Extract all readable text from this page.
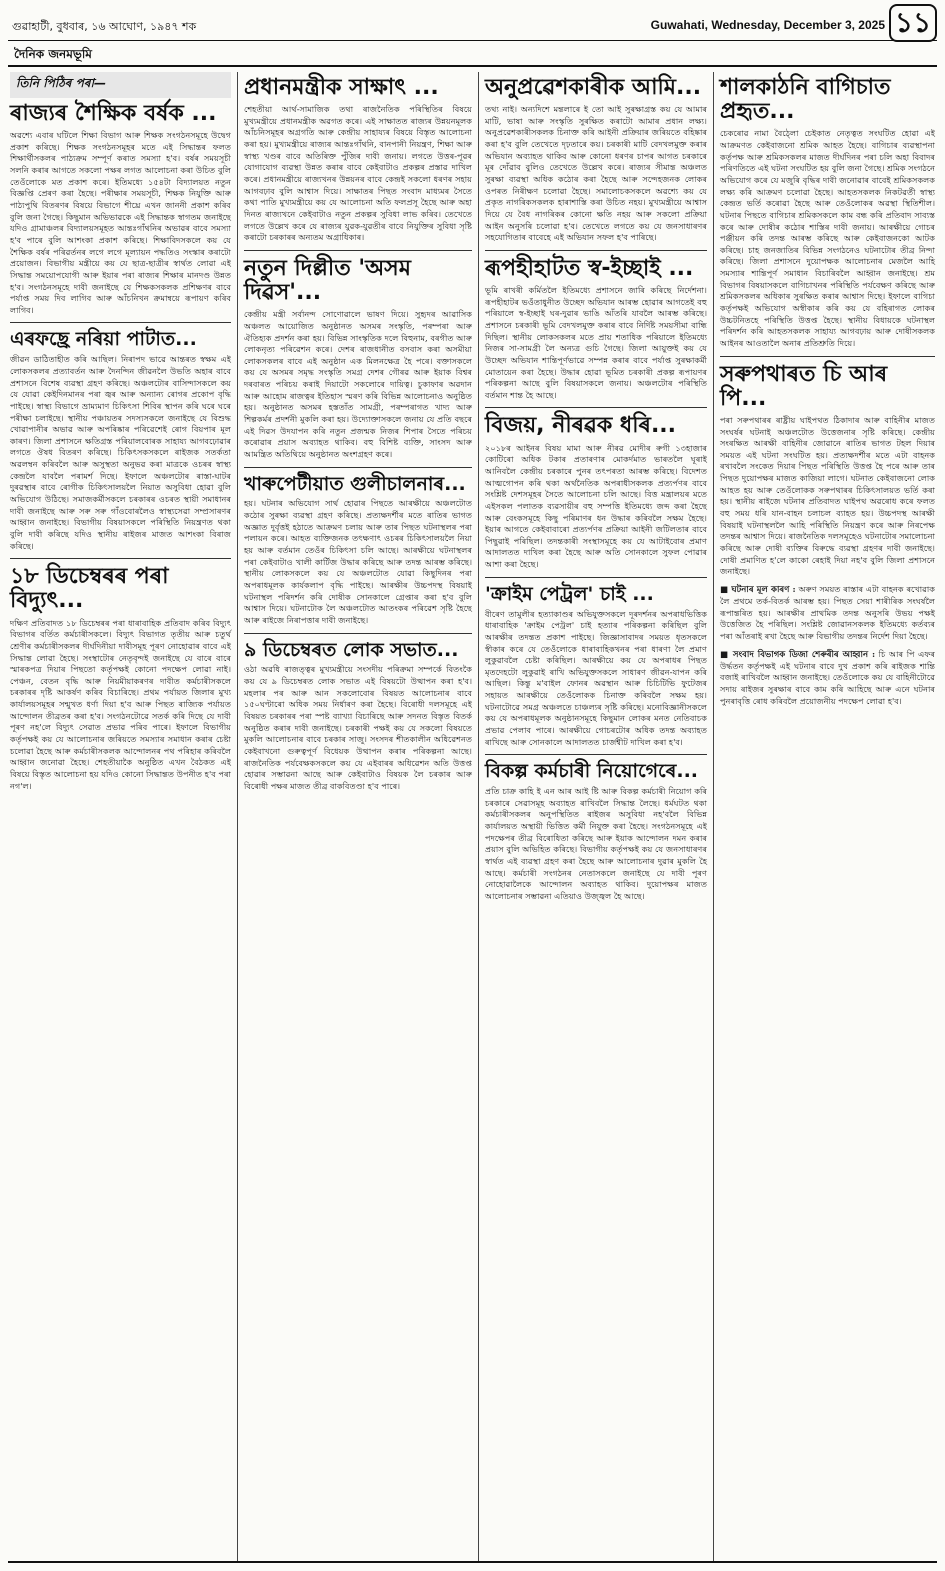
গুৱাহাটী, বুধবাৰ, ১৬ আঘোণ, ১৯৪৭ শক	Guwahati, Wednesday, December 3, 2025 ১১
দৈনিক জনমভূমি
তিনি পিঠিৰ পৰা—
ৰাজ্যৰ শৈক্ষিক বৰ্ষক ...
অৱশ্যে এবাৰ ঘটিলে শিক্ষা বিভাগ আৰু শিক্ষক সংগঠনসমূহে উদ্বেগ প্ৰকাশ কৰিছে। শিক্ষক সংগঠনসমূহৰ মতে এই সিদ্ধান্তৰ ফলত শিক্ষাৰ্থীসকলৰ পাঠ্যক্ৰম সম্পূৰ্ণ কৰাত সমস্যা হ'ব। বৰ্ষৰ সময়সূচী সলনি কৰাৰ আগতে সকলো পক্ষৰ লগত আলোচনা কৰা উচিত বুলি তেওঁলোকে মত প্ৰকাশ কৰে। ইতিমধ্যে ১৫৪টা বিদ্যালয়ত নতুন বিজ্ঞপ্তি প্ৰেৰণ কৰা হৈছে। পৰীক্ষাৰ সময়সূচী, শিক্ষক নিযুক্তি আৰু পাঠ্যপুথি বিতৰণৰ বিষয়ে বিভাগে শীঘ্ৰে এখন জাননী প্ৰকাশ কৰিব বুলি জনা গৈছে। কিছুমান অভিভাৱকে এই সিদ্ধান্তক স্বাগতম জনাইছে যদিও গ্ৰামাঞ্চলৰ বিদ্যালয়সমূহত আন্তঃগাঁথনিৰ অভাৱৰ বাবে সমস্যা হ'ব পাৰে বুলি আশংকা প্ৰকাশ কৰিছে। শিক্ষাবিদসকলে কয় যে শৈক্ষিক বৰ্ষৰ পৰিৱৰ্তনৰ লগে লগে মূল্যায়ন পদ্ধতিও সংস্কাৰ কৰাটো প্ৰয়োজন। বিভাগীয় মন্ত্ৰীয়ে কয় যে ছাত্ৰ-ছাত্ৰীৰ স্বাৰ্থত লোৱা এই সিদ্ধান্ত সময়োপযোগী আৰু ইয়াৰ পৰা ৰাজ্যৰ শিক্ষাৰ মানদণ্ড উন্নত হ'ব। সংগঠনসমূহে দাবী জনাইছে যে শিক্ষকসকলক প্ৰশিক্ষণৰ বাবে পৰ্যাপ্ত সময় দিব লাগিব আৰু আঁচনিখন ক্ৰমান্বয়ে ৰূপায়ণ কৰিব লাগিব।
এৰফছ্ৰে নৰিয়া পাটাত...
জীৱন ডাঠিতাহীত কৰি আছিল। নিৰাপদ ভাৱে আন্তৰত স্বক্ষম এই লোকসকলৰ প্ৰত্যাবৰ্তন আৰু দৈনন্দিন জীৱনলৈ উভতি অহাৰ বাবে প্ৰশাসনে বিশেষ ব্যৱস্থা গ্ৰহণ কৰিছে। অঞ্চলটোৰ বাসিন্দাসকলে কয় যে যোৱা কেইদিনমানৰ পৰা জ্বৰ আৰু অন্যান্য ৰোগৰ প্ৰকোপ বৃদ্ধি পাইছে। স্বাস্থ্য বিভাগে ভ্ৰাম্যমাণ চিকিৎসা শিবিৰ স্থাপন কৰি ঘৰে ঘৰে পৰীক্ষা চলাইছে। স্থানীয় পঞ্চায়তৰ সদস্যসকলে জনাইছে যে বিশুদ্ধ খোৱাপানীৰ অভাৱ আৰু অপৰিষ্কাৰ পৰিৱেশেই ৰোগ বিয়পাৰ মূল কাৰণ। জিলা প্ৰশাসনে ক্ষতিগ্ৰস্ত পৰিয়ালবোৰক সাহায্য আগবঢ়োৱাৰ লগতে ঔষধ বিতৰণ কৰিছে। চিকিৎসকসকলে ৰাইজক সতৰ্কতা অৱলম্বন কৰিবলৈ আৰু অসুস্থতা অনুভৱ কৰা মাত্ৰকে ওচৰৰ স্বাস্থ্য কেন্দ্ৰলৈ যাবলৈ পৰামৰ্শ দিছে। ইফালে অঞ্চলটোৰ ৰাস্তা-ঘাটৰ দুৰৱস্থাৰ বাবে ৰোগীক চিকিৎসালয়লৈ নিয়াত অসুবিধা হোৱা বুলি অভিযোগ উঠিছে। সমাজকৰ্মীসকলে চৰকাৰৰ ওচৰত স্থায়ী সমাধানৰ দাবী জনাইছে আৰু সৰু সৰু গাঁওবোৰলৈও স্বাস্থ্যসেৱা সম্প্ৰসাৰণৰ আহ্বান জনাইছে। বিভাগীয় বিষয়াসকলে পৰিস্থিতি নিয়ন্ত্ৰণত থকা বুলি দাবী কৰিছে যদিও স্থানীয় ৰাইজৰ মাজত আশংকা বিৰাজ কৰিছে।
১৮ ডিচেম্বৰৰ পৰা বিদ্যুৎ...
দক্ষিণ প্ৰতিবাদত ১৮ ডিচেম্বৰৰ পৰা ধাৰাবাহিক প্ৰতিবাদ কৰিব বিদ্যুৎ বিভাগৰ বৰ্তিত কৰ্মচাৰীসকলে। বিদ্যুৎ বিভাগত তৃতীয় আৰু চতুৰ্থ শ্ৰেণীৰ কৰ্মচাৰীসকলৰ দীৰ্ঘদিনীয়া দাবীসমূহ পূৰণ নোহোৱাৰ বাবে এই সিদ্ধান্ত লোৱা হৈছে। সংস্থাটোৰ নেতৃবৃন্দই জনাইছে যে বাৰে বাৰে স্মাৰকপত্ৰ দিয়াৰ পিছতো কৰ্তৃপক্ষই কোনো পদক্ষেপ লোৱা নাই। পেঞ্চন, বেতন বৃদ্ধি আৰু নিয়মীয়াকৰণৰ দাবীত কৰ্মচাৰীসকলে চৰকাৰৰ দৃষ্টি আকৰ্ষণ কৰিব বিচাৰিছে। প্ৰথম পৰ্যায়ত জিলাৰ মুখ্য কাৰ্যালয়সমূহৰ সন্মুখত ধৰ্ণা দিয়া হ'ব আৰু পিছত ৰাজ্যিক পৰ্যায়ত আন্দোলন তীব্ৰতৰ কৰা হ'ব। সংগঠনটোৱে সতৰ্ক কৰি দিছে যে দাবী পূৰণ নহ'লে বিদ্যুৎ সেৱাত প্ৰভাৱ পৰিব পাৰে। ইফালে বিভাগীয় কৰ্তৃপক্ষই কয় যে আলোচনাৰ জৰিয়তে সমস্যাৰ সমাধান কৰাৰ চেষ্টা চলোৱা হৈছে আৰু কৰ্মচাৰীসকলক আন্দোলনৰ পথ পৰিহাৰ কৰিবলৈ আহ্বান জনোৱা হৈছে। শেহতীয়াকৈ অনুষ্ঠিত এখন বৈঠকত এই বিষয়ে বিস্তৃত আলোচনা হয় যদিও কোনো সিদ্ধান্তত উপনীত হ'ব পৰা নগ'ল।
প্ৰধানমন্ত্ৰীক সাক্ষাৎ ...
শেহতীয়া আৰ্থ-সামাজিক তথা ৰাজনৈতিক পৰিস্থিতিৰ বিষয়ে মুখ্যমন্ত্ৰীয়ে প্ৰধানমন্ত্ৰীক অৱগত কৰে। এই সাক্ষাতত ৰাজ্যৰ উন্নয়নমূলক আঁচনিসমূহৰ অগ্ৰগতি আৰু কেন্দ্ৰীয় সাহায্যৰ বিষয়ে বিস্তৃত আলোচনা কৰা হয়। মুখ্যমন্ত্ৰীয়ে ৰাজ্যৰ আন্তঃগাঁথনি, বানপানী নিয়ন্ত্ৰণ, শিক্ষা আৰু স্বাস্থ্য খণ্ডৰ বাবে অতিৰিক্ত পুঁজিৰ দাবী জনায়। লগতে উত্তৰ-পূৱৰ যোগাযোগ ব্যৱস্থা উন্নত কৰাৰ বাবে কেইবাটাও প্ৰকল্পৰ প্ৰস্তাৱ দাখিল কৰে। প্ৰধানমন্ত্ৰীয়ে ৰাজ্যখনৰ উন্নয়নৰ বাবে কেন্দ্ৰই সকলো ধৰণৰ সহায় আগবঢ়াব বুলি আশ্বাস দিয়ে। সাক্ষাতৰ পিছত সংবাদ মাধ্যমৰ সৈতে কথা পাতি মুখ্যমন্ত্ৰীয়ে কয় যে আলোচনা অতি ফলপ্ৰসূ হৈছে আৰু অহা দিনত ৰাজ্যখনে কেইবাটাও নতুন প্ৰকল্পৰ সুবিধা লাভ কৰিব। তেখেতে লগতে উল্লেখ কৰে যে ৰাজ্যৰ যুৱক-যুৱতীৰ বাবে নিযুক্তিৰ সুবিধা সৃষ্টি কৰাটো চৰকাৰৰ অন্যতম অগ্ৰাধিকাৰ।
নতুন দিল্লীত 'অসম দিৱস'...
কেন্দ্ৰীয় মন্ত্ৰী সৰ্বানন্দ সোণোৱালে ভাষণ দিয়ে। সুহৃদৰ আৱাসিক অঞ্চলত আয়োজিত অনুষ্ঠানত অসমৰ সংস্কৃতি, পৰম্পৰা আৰু ঐতিহ্যক প্ৰদৰ্শন কৰা হয়। বিভিন্ন সাংস্কৃতিক দলে বিহুনাম, বৰগীত আৰু লোকনৃত্য পৰিৱেশন কৰে। দেশৰ ৰাজধানীত বসবাস কৰা অসমীয়া লোকসকলৰ বাবে এই অনুষ্ঠান এক মিলনক্ষেত্ৰ হৈ পৰে। বক্তাসকলে কয় যে অসমৰ সমৃদ্ধ সংস্কৃতি সমগ্ৰ দেশৰ গৌৰৱ আৰু ইয়াক বিশ্বৰ দৰবাৰত পৰিচয় কৰাই দিয়াটো সকলোৰে দায়িত্ব। চুকাফাৰ অৱদান আৰু আহোম ৰাজত্বৰ ইতিহাস স্মৰণ কৰি বিভিন্ন আলোচনাও অনুষ্ঠিত হয়। অনুষ্ঠানত অসমৰ হস্ততাঁত সামগ্ৰী, পৰম্পৰাগত খাদ্য আৰু শিল্পকৰ্মৰ প্ৰদৰ্শনী মুকলি কৰা হয়। উদ্যোক্তাসকলে জনায় যে প্ৰতি বছৰে এই দিৱস উদযাপন কৰি নতুন প্ৰজন্মক নিজৰ শিপাৰ সৈতে পৰিচয় কৰোৱাৰ প্ৰয়াস অব্যাহত থাকিব। বহু বিশিষ্ট ব্যক্তি, সাংসদ আৰু আমন্ত্ৰিত অতিথিয়ে অনুষ্ঠানত অংশগ্ৰহণ কৰে।
খাৰুপেটীয়াত গুলীচালনাৰ...
হয়। ঘটনাৰ অভিযোগ সাৰ্থ হোৱাৰ পিছতে আৰক্ষীয়ে অঞ্চলটোত কঠোৰ সুৰক্ষা ব্যৱস্থা গ্ৰহণ কৰিছে। প্ৰত্যক্ষদৰ্শীৰ মতে ৰাতিৰ ভাগত অজ্ঞাত দুৰ্বৃত্তই হঠাতে আক্ৰমণ চলায় আৰু তাৰ পিছত ঘটনাস্থলৰ পৰা পলায়ন কৰে। আহত ব্যক্তিজনক তৎক্ষণাৎ ওচৰৰ চিকিৎসালয়লৈ নিয়া হয় আৰু বৰ্তমান তেওঁৰ চিকিৎসা চলি আছে। আৰক্ষীয়ে ঘটনাস্থলৰ পৰা কেইবাটাও খালী কাৰ্টিজ উদ্ধাৰ কৰিছে আৰু তদন্ত আৰম্ভ কৰিছে। স্থানীয় লোকসকলে কয় যে অঞ্চলটোত যোৱা কিছুদিনৰ পৰা অপৰাধমূলক কাৰ্যকলাপ বৃদ্ধি পাইছে। আৰক্ষীৰ উচ্চপদস্থ বিষয়াই ঘটনাস্থল পৰিদৰ্শন কৰি দোষীক সোনকালে গ্ৰেপ্তাৰ কৰা হ'ব বুলি আশ্বাস দিয়ে। ঘটনাটোক লৈ অঞ্চলটোত আতংকৰ পৰিৱেশ সৃষ্টি হৈছে আৰু ৰাইজে নিৰাপত্তাৰ দাবী জনাইছে।
৯ ডিচেম্বৰত লোক সভাত...
ওঠা অৱধি ৰাজত্ত্বৰ মুখ্যমন্ত্ৰীয়ে সংসদীয় পৰিক্ৰমা সম্পৰ্কে বিতংকৈ কয় যে ৯ ডিচেম্বৰত লোক সভাত এই বিষয়টো উত্থাপন কৰা হ'ব। মহলাৰ পৰ আৰু আন সকলোবোৰ বিষয়ত আলোচনাৰ বাবে ১৫০ঘণ্টাৰো অধিক সময় নিৰ্ধাৰণ কৰা হৈছে। বিৰোধী দলসমূহে এই বিষয়ত চৰকাৰৰ পৰা স্পষ্ট ব্যাখ্যা বিচাৰিছে আৰু সদনত বিস্তৃত বিতৰ্ক অনুষ্ঠিত কৰাৰ দাবী জনাইছে। চৰকাৰী পক্ষই কয় যে সকলো বিষয়তে মুকলি আলোচনাৰ বাবে চৰকাৰ সাজু। সংসদৰ শীতকালীন অধিৱেশনত কেইবাখনো গুৰুত্বপূৰ্ণ বিধেয়ক উত্থাপন কৰাৰ পৰিকল্পনা আছে। ৰাজনৈতিক পৰ্যবেক্ষকসকলে কয় যে এইবাৰৰ অধিৱেশন অতি উত্তপ্ত হোৱাৰ সম্ভাৱনা আছে আৰু কেইবাটাও বিষয়ক লৈ চৰকাৰ আৰু বিৰোধী পক্ষৰ মাজত তীব্ৰ বাকবিতণ্ডা হ'ব পাৰে।
অনুপ্ৰৱেশকাৰীক আমি...
তথ্য নাই। অন্যদিশে মন্তলাৰে ই তো আই সুৰক্ষাগ্ৰস্ত কয় যে আমাৰ মাটি, ভাষা আৰু সংস্কৃতি সুৰক্ষিত কৰাটো আমাৰ প্ৰধান লক্ষ্য। অনুপ্ৰৱেশকাৰীসকলক চিনাক্ত কৰি আইনী প্ৰক্ৰিয়াৰ জৰিয়তে বহিষ্কাৰ কৰা হ'ব বুলি তেখেতে দৃঢ়তাৰে কয়। চৰকাৰী মাটি বেদখলমুক্ত কৰাৰ অভিযান অব্যাহত থাকিব আৰু কোনো ধৰণৰ চাপৰ আগত চৰকাৰে মূৰ দোঁৱাব বুলিও তেখেতে উল্লেখ কৰে। ৰাজ্যৰ সীমান্ত অঞ্চলত সুৰক্ষা ব্যৱস্থা অধিক কঠোৰ কৰা হৈছে আৰু সন্দেহজনক লোকৰ ওপৰত নিৰীক্ষণ চলোৱা হৈছে। সমালোচকসকলে অৱশ্যে কয় যে প্ৰকৃত নাগৰিকসকলক হাৰাশাস্তি কৰা উচিত নহয়। মুখ্যমন্ত্ৰীয়ে আশ্বাস দিয়ে যে বৈধ নাগৰিকৰ কোনো ক্ষতি নহয় আৰু সকলো প্ৰক্ৰিয়া আইন অনুসৰি চলোৱা হ'ব। তেখেতে লগতে কয় যে জনসাধাৰণৰ সহযোগিতাৰ বাবেহে এই অভিযান সফল হ'ব পাৰিছে।
ৰূপহীহাটত স্ব-ইচ্ছাই ...
ভূমি ৰাখৰী কৰ্মিতলৈ ইতিমধ্যে প্ৰশাসনে জাৰি কৰিছে নিৰ্দেশনা। ৰূপহীহাটৰ ভওঁতাধুনীত উচ্ছেদ অভিযান আৰম্ভ হোৱাৰ আগতেই বহু পৰিয়ালে স্ব-ইচ্ছাই ঘৰ-দুৱাৰ ভাঙি আঁতৰি যাবলৈ আৰম্ভ কৰিছে। প্ৰশাসনে চৰকাৰী ভূমি বেদখলমুক্ত কৰাৰ বাবে নিৰ্দিষ্ট সময়সীমা বান্ধি দিছিল। স্থানীয় লোকসকলৰ মতে প্ৰায় শতাধিক পৰিয়ালে ইতিমধ্যে নিজৰ সা-সামগ্ৰী লৈ অন্যত্ৰ গুচি গৈছে। জিলা আয়ুক্তই কয় যে উচ্ছেদ অভিযান শান্তিপূৰ্ণভাৱে সম্পন্ন কৰাৰ বাবে পৰ্যাপ্ত সুৰক্ষাকৰ্মী মোতায়েন কৰা হৈছে। উদ্ধাৰ হোৱা ভূমিত চৰকাৰী প্ৰকল্প ৰূপায়ণৰ পৰিকল্পনা আছে বুলি বিষয়াসকলে জনায়। অঞ্চলটোৰ পৰিস্থিতি বৰ্তমান শান্ত হৈ আছে।
বিজয়, নীৰৱক ধৰি...
২০১৮ৰ আইনৰ বিষয় মামা আৰু নীৰৱ মোদীৰ ৰুগী ১৩হাজাৰ কোটিৰো অধিক টকাৰ প্ৰতাৰণাৰ মোকৰ্দমাত ভাৰতলৈ ঘূৰাই আনিবলৈ কেন্দ্ৰীয় চৰকাৰে পুনৰ তৎপৰতা আৰম্ভ কৰিছে। বিদেশত আত্মগোপন কৰি থকা অৰ্থনৈতিক অপৰাধীসকলক প্ৰত্যৰ্পণৰ বাবে সংশ্লিষ্ট দেশসমূহৰ সৈতে আলোচনা চলি আছে। বিত্ত মন্ত্ৰালয়ৰ মতে এইসকল পলাতক ব্যৱসায়ীৰ বহু সম্পত্তি ইতিমধ্যে জব্দ কৰা হৈছে আৰু বেংকসমূহে কিছু পৰিমাণৰ ধন উদ্ধাৰ কৰিবলৈ সক্ষম হৈছে। ইয়াৰ আগতে কেইবাবাৰো প্ৰত্যৰ্পণৰ প্ৰক্ৰিয়া আইনী জটিলতাৰ বাবে পিছুৱাই পৰিছিল। তদন্তকাৰী সংস্থাসমূহে কয় যে আটাইবোৰ প্ৰমাণ আদালতত দাখিল কৰা হৈছে আৰু অতি সোনকালে সুফল পোৱাৰ আশা কৰা হৈছে।
'ক্ৰাইম পেট্ৰল' চাই ...
বীৰেণ তামুলীৰ হত্যাকাণ্ডৰ অভিযুক্তসকলে দূৰদৰ্শনৰ অপৰাধভিত্তিক ধাৰাবাহিক 'ক্ৰাইম পেট্ৰল' চাই হত্যাৰ পৰিকল্পনা কৰিছিল বুলি আৰক্ষীৰ তদন্তত প্ৰকাশ পাইছে। জিজ্ঞাসাবাদৰ সময়ত ধৃতসকলে স্বীকাৰ কৰে যে তেওঁলোকে ধাৰাবাহিকখনৰ পৰা ধাৰণা লৈ প্ৰমাণ লুকুৱাবলৈ চেষ্টা কৰিছিল। আৰক্ষীয়ে কয় যে অপৰাধৰ পিছত মৃতদেহটো লুকুৱাই ৰাখি অভিযুক্তসকলে সাধাৰণ জীৱন-যাপন কৰি আছিল। কিন্তু ম'বাইল ফোনৰ অৱস্থান আৰু চিচিটিভি ফুটেজৰ সহায়ত আৰক্ষীয়ে তেওঁলোকক চিনাক্ত কৰিবলৈ সক্ষম হয়। ঘটনাটোৱে সমগ্ৰ অঞ্চলতে চাঞ্চল্যৰ সৃষ্টি কৰিছে। মনোবিজ্ঞানীসকলে কয় যে অপৰাধমূলক অনুষ্ঠানসমূহে কিছুমান লোকৰ মনত নেতিবাচক প্ৰভাৱ পেলাব পাৰে। আৰক্ষীয়ে গোচৰটোৰ অধিক তদন্ত অব্যাহত ৰাখিছে আৰু সোনকালে আদালতত চাৰ্জশ্বীট দাখিল কৰা হ'ব।
বিকল্প কৰ্মচাৰী নিয়োগেৰে...
প্ৰতি চাক্ৰ কাহি ই এন আৰ আই ষ্টি আৰু বিকল্প কৰ্মচাৰী নিয়োগ কৰি চৰকাৰে সেৱাসমূহ অব্যাহত ৰাখিবলৈ সিদ্ধান্ত লৈছে। ধৰ্মঘটত থকা কৰ্মচাৰীসকলৰ অনুপস্থিতিত ৰাইজৰ অসুবিধা নহ'বলৈ বিভিন্ন কাৰ্যালয়ত অস্থায়ী ভিত্তিত কৰ্মী নিযুক্ত কৰা হৈছে। সংগঠনসমূহে এই পদক্ষেপৰ তীব্ৰ বিৰোধিতা কৰিছে আৰু ইয়াক আন্দোলন দমন কৰাৰ প্ৰয়াস বুলি অভিহিত কৰিছে। বিভাগীয় কৰ্তৃপক্ষই কয় যে জনসাধাৰণৰ স্বাৰ্থত এই ব্যৱস্থা গ্ৰহণ কৰা হৈছে আৰু আলোচনাৰ দুৱাৰ মুকলি হৈ আছে। কৰ্মচাৰী সংগঠনৰ নেতাসকলে জনাইছে যে দাবী পূৰণ নোহোৱালৈকে আন্দোলন অব্যাহত থাকিব। দুয়োপক্ষৰ মাজত আলোচনাৰ সম্ভাৱনা এতিয়াও উজ্জ্বল হৈ আছে।
শালকাঠনি বাগিচাত প্ৰহৃত...
চেকৰোৱ নামা বৈঠ্লো চেইকাত নেতৃত্বত সংঘটিত হোৱা এই আক্ৰমণত কেইবাজনো শ্ৰমিক আহত হৈছে। বাগিচাৰ ব্যৱস্থাপনা কৰ্তৃপক্ষ আৰু শ্ৰমিকসকলৰ মাজত দীৰ্ঘদিনৰ পৰা চলি অহা বিবাদৰ পৰিণতিতে এই ঘটনা সংঘটিত হয় বুলি জনা গৈছে। শ্ৰমিক সংগঠনে অভিযোগ কৰে যে মজুৰি বৃদ্ধিৰ দাবী জনোৱাৰ বাবেই শ্ৰমিকসকলক লক্ষ্য কৰি আক্ৰমণ চলোৱা হৈছে। আহতসকলক নিকটৱৰ্তী স্বাস্থ্য কেন্দ্ৰত ভৰ্তি কৰোৱা হৈছে আৰু তেওঁলোকৰ অৱস্থা স্থিতিশীল। ঘটনাৰ পিছতে বাগিচাৰ শ্ৰমিকসকলে কাম বন্ধ কৰি প্ৰতিবাদ সাব্যস্ত কৰে আৰু দোষীৰ কঠোৰ শাস্তিৰ দাবী জনায়। আৰক্ষীয়ে গোচৰ পঞ্জীয়ন কৰি তদন্ত আৰম্ভ কৰিছে আৰু কেইবাজনকো আটক কৰিছে। চাহ জনজাতিৰ বিভিন্ন সংগঠনেও ঘটনাটোৰ তীব্ৰ নিন্দা কৰিছে। জিলা প্ৰশাসনে দুয়োপক্ষক আলোচনাৰ মেজলৈ আহি সমস্যাৰ শান্তিপূৰ্ণ সমাধান বিচাৰিবলৈ আহ্বান জনাইছে। শ্ৰম বিভাগৰ বিষয়াসকলে বাগিচাখনৰ পৰিস্থিতি পৰ্যবেক্ষণ কৰিছে আৰু শ্ৰমিকসকলৰ অধিকাৰ সুৰক্ষিত কৰাৰ আশ্বাস দিছে। ইফালে বাগিচা কৰ্তৃপক্ষই অভিযোগ অস্বীকাৰ কৰি কয় যে বহিৰাগত লোকৰ উচ্চটনিতহে পৰিস্থিতি উত্তপ্ত হৈছে। স্থানীয় বিধায়কে ঘটনাস্থল পৰিদৰ্শন কৰি আহতসকলক সাহায্য আগবঢ়ায় আৰু দোষীসকলক আইনৰ আওতালৈ অনাৰ প্ৰতিশ্ৰুতি দিয়ে।
সৰুপথাৰত চি আৰ পি...
পৰা সৰুপথাৰৰ ৰাষ্ট্ৰীয় ঘাইপথত ঠিকাদাৰ আৰু বাহিনীৰ মাজত সংঘৰ্ষৰ ঘটনাই অঞ্চলটোত উত্তেজনাৰ সৃষ্টি কৰিছে। কেন্দ্ৰীয় সংৰক্ষিত আৰক্ষী বাহিনীৰ জোৱানে ৰাতিৰ ভাগত টহল দিয়াৰ সময়ত এই ঘটনা সংঘটিত হয়। প্ৰত্যক্ষদৰ্শীৰ মতে এটা বাহনক ৰখাবলৈ সংকেত দিয়াৰ পিছত পৰিস্থিতি উত্তপ্ত হৈ পৰে আৰু তাৰ পিছত দুয়োপক্ষৰ মাজত কাজিয়া লাগে। ঘটনাত কেইবাজনো লোক আহত হয় আৰু তেওঁলোকক সৰুপথাৰৰ চিকিৎসালয়ত ভৰ্তি কৰা হয়। স্থানীয় ৰাইজে ঘটনাৰ প্ৰতিবাদত ঘাইপথ অৱৰোধ কৰে ফলত বহু সময় ধৰি যান-বাহন চলাচল ব্যাহত হয়। উচ্চপদস্থ আৰক্ষী বিষয়াই ঘটনাস্থললৈ আহি পৰিস্থিতি নিয়ন্ত্ৰণ কৰে আৰু নিৰপেক্ষ তদন্তৰ আশ্বাস দিয়ে। ৰাজনৈতিক দলসমূহেও ঘটনাটোৰ সমালোচনা কৰিছে আৰু দোষী ব্যক্তিৰ বিৰুদ্ধে ব্যৱস্থা গ্ৰহণৰ দাবী জনাইছে। দোষী প্ৰমাণিত হ'লে কাকো ৰেহাই দিয়া নহ'ব বুলি জিলা প্ৰশাসনে জনাইছে।
■ ঘটনাৰ মূল কাৰণ : অৰুণ সময়ত ৰাস্তাৰ এটা বাহনক ৰখোৱাক লৈ প্ৰথমে তৰ্ক-বিতৰ্ক আৰম্ভ হয়। পিছত সেয়া শাৰীৰিক সংঘৰ্ষলৈ ৰূপান্তৰিত হয়। আৰক্ষীৰ প্ৰাথমিক তদন্ত অনুসৰি উভয় পক্ষই উত্তেজিত হৈ পৰিছিল। সংশ্লিষ্ট জোৱানসকলক ইতিমধ্যে কৰ্তব্যৰ পৰা আঁতৰাই ৰখা হৈছে আৰু বিভাগীয় তদন্তৰ নিৰ্দেশ দিয়া হৈছে।
■ সংবাদ বিভাগক ডিজা শেৰুৰীৰ আহ্বান : চি আৰ পি এফৰ উৰ্দ্ধতন কৰ্তৃপক্ষই এই ঘটনাৰ বাবে দুখ প্ৰকাশ কৰি ৰাইজক শান্তি বজাই ৰাখিবলৈ আহ্বান জনাইছে। তেওঁলোকে কয় যে বাহিনীটোৱে সদায় ৰাইজৰ সুৰক্ষাৰ বাবে কাম কৰি আহিছে আৰু এনে ঘটনাৰ পুনৰাবৃত্তি ৰোধ কৰিবলৈ প্ৰয়োজনীয় পদক্ষেপ লোৱা হ'ব।
